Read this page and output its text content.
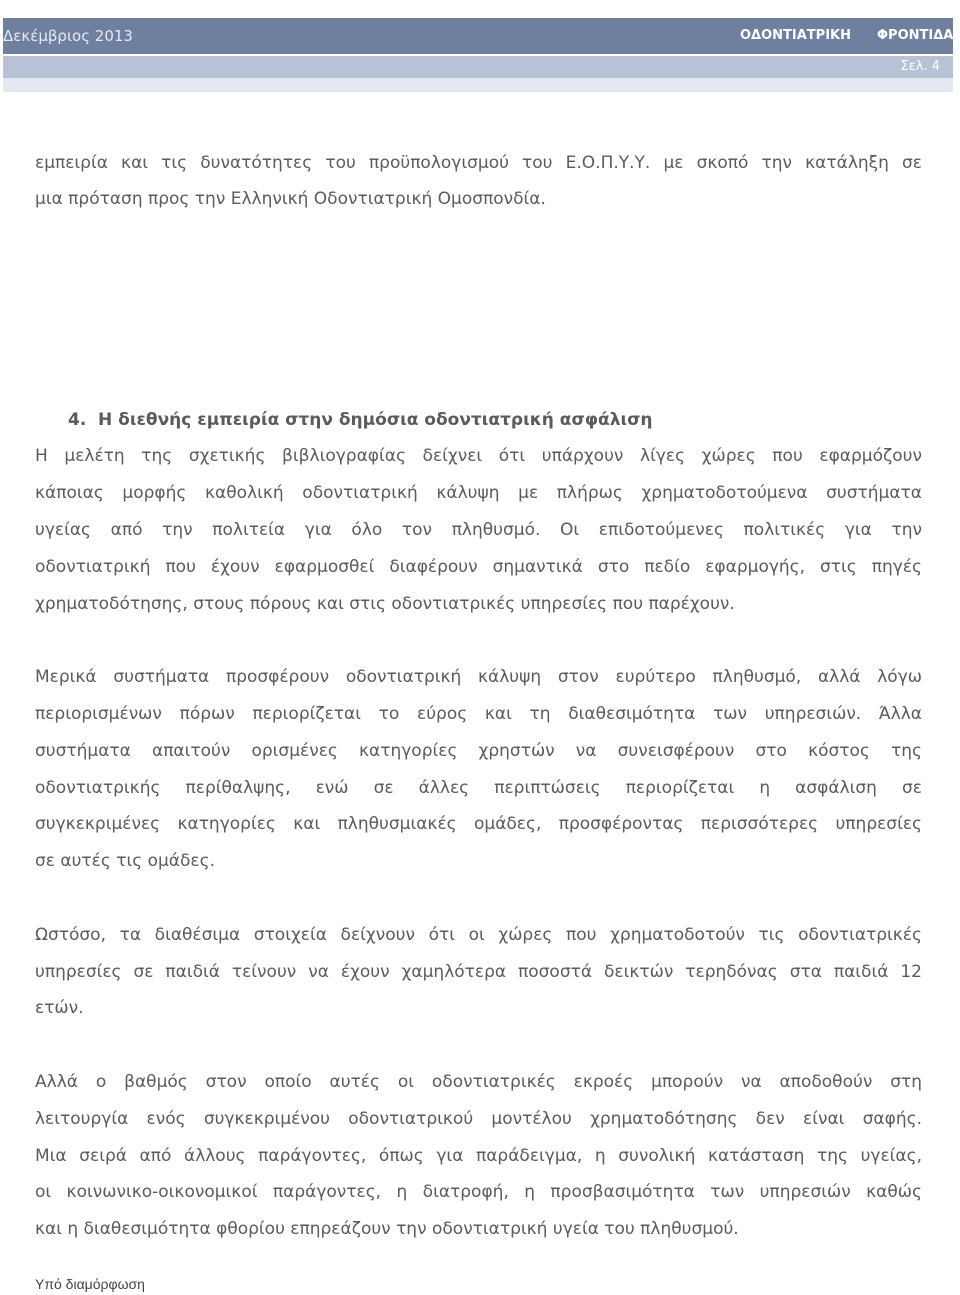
Δεκέμβριος 2013	ΟΔΟΝΤΙΑΤΡΙΚΗ ΦΡΟΝΤΙΔΑ
Σελ. 4
εμπειρία και τις δυνατότητες του προϋπολογισμού του Ε.Ο.Π.Υ.Υ. με σκοπό την κατάληξη σε
μια πρόταση προς την Ελληνική Οδοντιατρική Ομοσπονδία.
4. Η διεθνής εμπειρία στην δημόσια οδοντιατρική ασφάλιση
Η μελέτη της σχετικής βιβλιογραφίας δείχνει ότι υπάρχουν λίγες χώρες που εφαρμόζουν
κάποιας μορφής καθολική οδοντιατρική κάλυψη με πλήρως χρηματοδοτούμενα συστήματα
υγείας από την πολιτεία για όλο τον πληθυσμό. Οι επιδοτούμενες πολιτικές για την
οδοντιατρική που έχουν εφαρμοσθεί διαφέρουν σημαντικά στο πεδίο εφαρμογής, στις πηγές
χρηματοδότησης, στους πόρους και στις οδοντιατρικές υπηρεσίες που παρέχουν.
Μερικά συστήματα προσφέρουν οδοντιατρική κάλυψη στον ευρύτερο πληθυσμό, αλλά λόγω
περιορισμένων πόρων περιορίζεται το εύρος και τη διαθεσιμότητα των υπηρεσιών. Άλλα
συστήματα απαιτούν ορισμένες κατηγορίες χρηστών να συνεισφέρουν στο κόστος της
οδοντιατρικής περίθαλψης, ενώ σε άλλες περιπτώσεις περιορίζεται η ασφάλιση σε
συγκεκριμένες κατηγορίες και πληθυσμιακές ομάδες, προσφέροντας περισσότερες υπηρεσίες
σε αυτές τις ομάδες.
Ωστόσο, τα διαθέσιμα στοιχεία δείχνουν ότι οι χώρες που χρηματοδοτούν τις οδοντιατρικές
υπηρεσίες σε παιδιά τείνουν να έχουν χαμηλότερα ποσοστά δεικτών τερηδόνας στα παιδιά 12
ετών.
Αλλά ο βαθμός στον οποίο αυτές οι οδοντιατρικές εκροές μπορούν να αποδοθούν στη
λειτουργία ενός συγκεκριμένου οδοντιατρικού μοντέλου χρηματοδότησης δεν είναι σαφής.
Μια σειρά από άλλους παράγοντες, όπως για παράδειγμα, η συνολική κατάσταση της υγείας,
οι κοινωνικο-οικονομικοί παράγοντες, η διατροφή, η προσβασιμότητα των υπηρεσιών καθώς
και η διαθεσιμότητα φθορίου επηρεάζουν την οδοντιατρική υγεία του πληθυσμού.
Υπό διαμόρφωση
